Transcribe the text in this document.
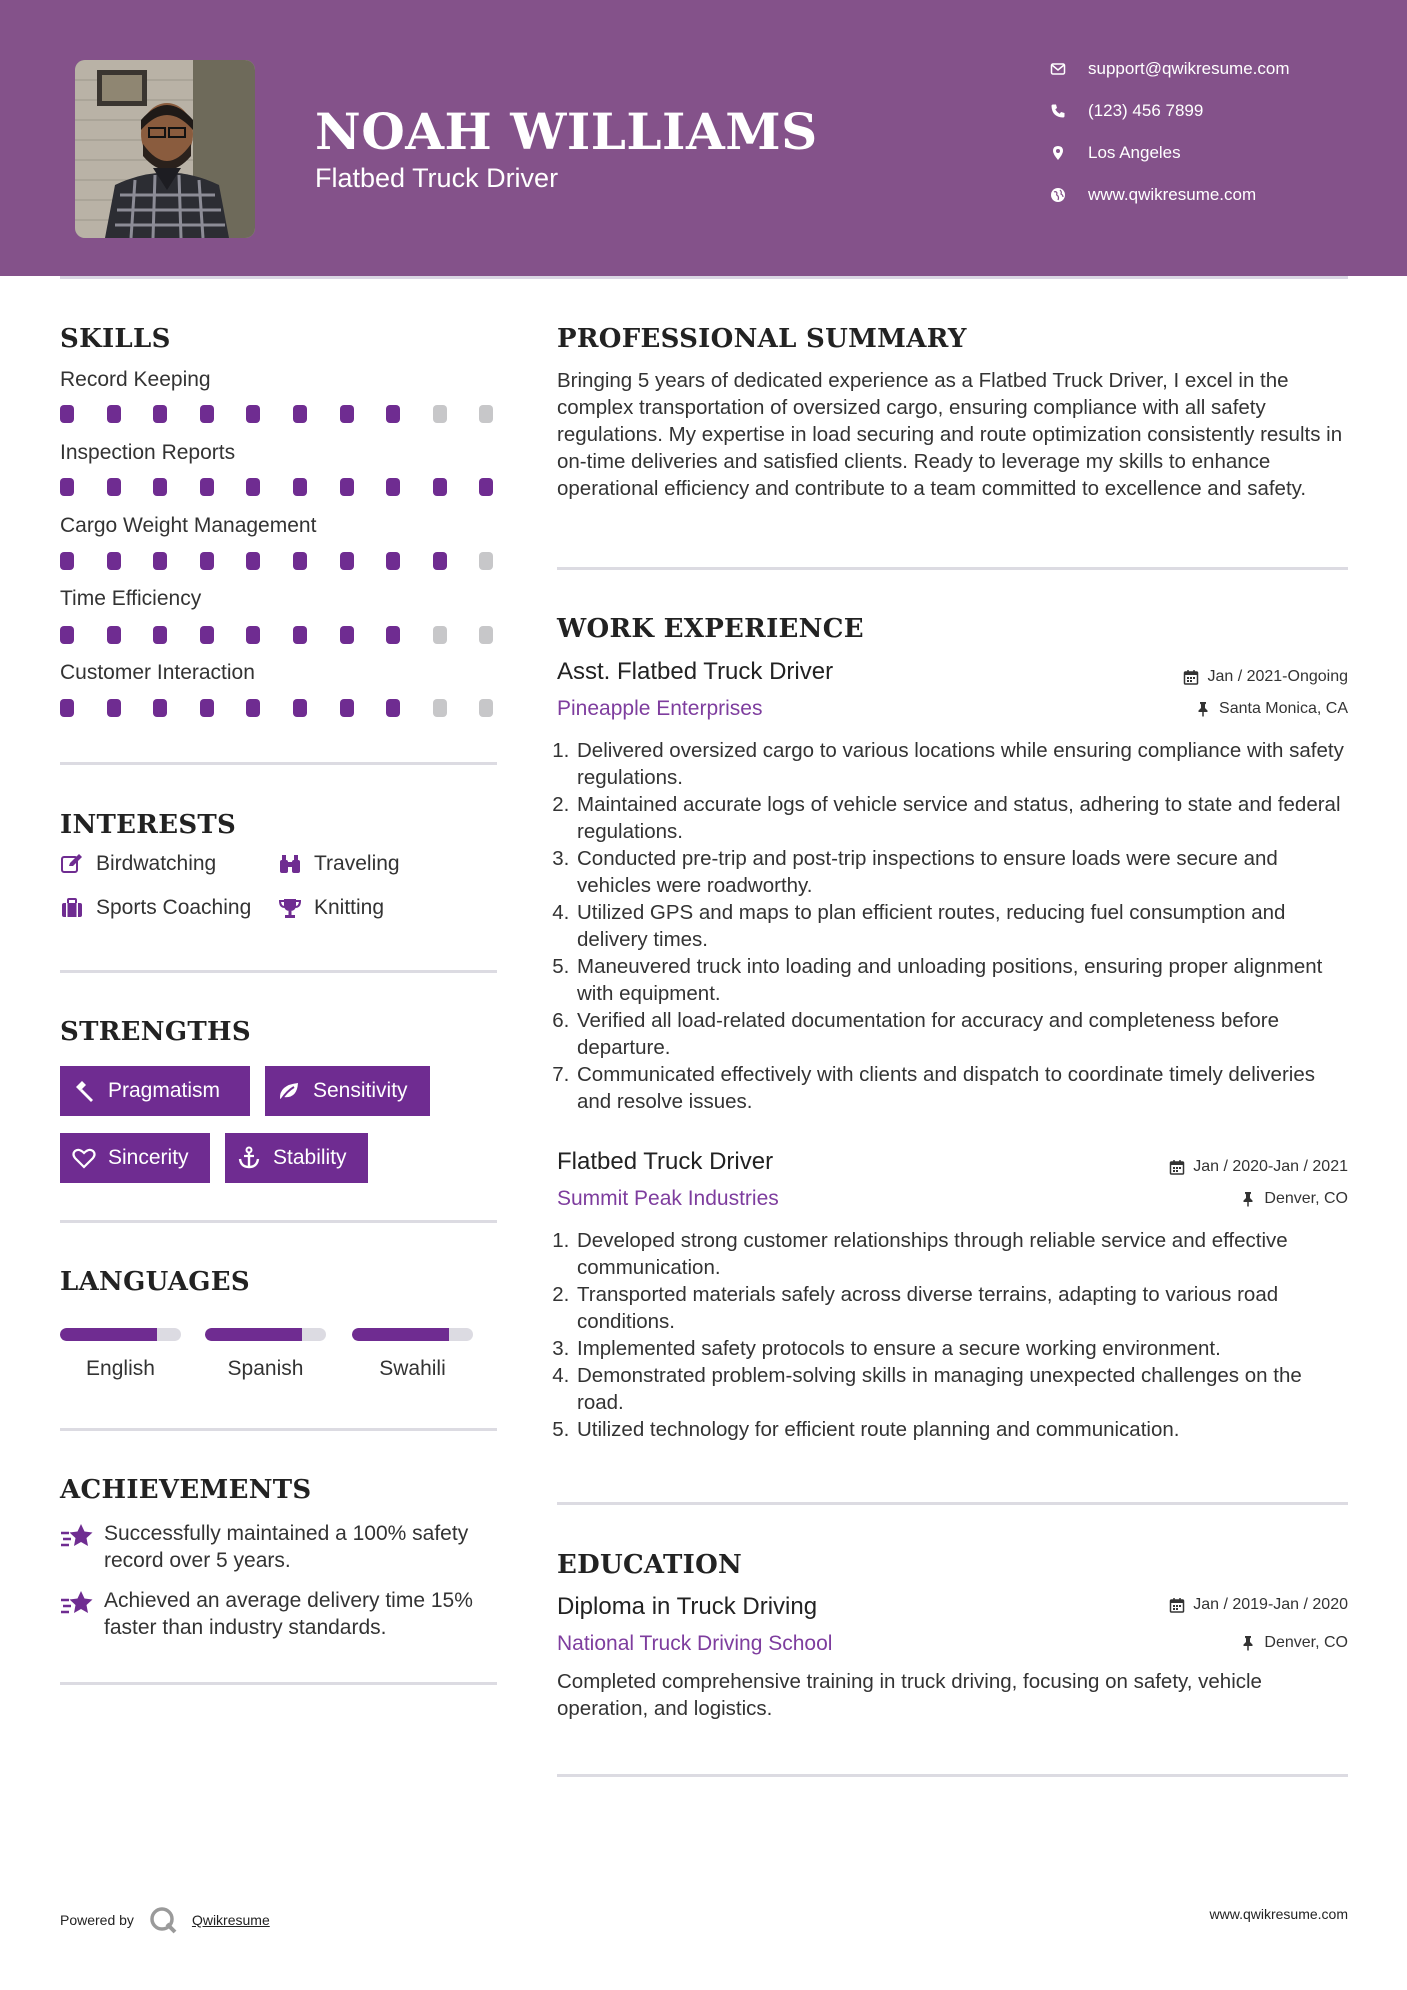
NOAH WILLIAMS
Flatbed Truck Driver
support@qwikresume.com
(123) 456 7899
Los Angeles
www.qwikresume.com
SKILLS
Record Keeping
Inspection Reports
Cargo Weight Management
Time Efficiency
Customer Interaction
INTERESTS
Birdwatching	Traveling
Sports Coaching	Knitting
STRENGTHS
Pragmatism	Sensitivity
Sincerity	Stability
LANGUAGES
English	Spanish	Swahili
ACHIEVEMENTS
Successfully maintained a 100% safety record over 5 years.
Achieved an average delivery time 15% faster than industry standards.
PROFESSIONAL SUMMARY
Bringing 5 years of dedicated experience as a Flatbed Truck Driver, I excel in the complex transportation of oversized cargo, ensuring compliance with all safety regulations. My expertise in load securing and route optimization consistently results in on-time deliveries and satisfied clients. Ready to leverage my skills to enhance operational efficiency and contribute to a team committed to excellence and safety.
WORK EXPERIENCE
Asst. Flatbed Truck Driver	Jan / 2021-Ongoing
Pineapple Enterprises	Santa Monica, CA
1. Delivered oversized cargo to various locations while ensuring compliance with safety regulations.
2. Maintained accurate logs of vehicle service and status, adhering to state and federal regulations.
3. Conducted pre-trip and post-trip inspections to ensure loads were secure and vehicles were roadworthy.
4. Utilized GPS and maps to plan efficient routes, reducing fuel consumption and delivery times.
5. Maneuvered truck into loading and unloading positions, ensuring proper alignment with equipment.
6. Verified all load-related documentation for accuracy and completeness before departure.
7. Communicated effectively with clients and dispatch to coordinate timely deliveries and resolve issues.
Flatbed Truck Driver	Jan / 2020-Jan / 2021
Summit Peak Industries	Denver, CO
1. Developed strong customer relationships through reliable service and effective communication.
2. Transported materials safely across diverse terrains, adapting to various road conditions.
3. Implemented safety protocols to ensure a secure working environment.
4. Demonstrated problem-solving skills in managing unexpected challenges on the road.
5. Utilized technology for efficient route planning and communication.
EDUCATION
Diploma in Truck Driving	Jan / 2019-Jan / 2020
National Truck Driving School	Denver, CO
Completed comprehensive training in truck driving, focusing on safety, vehicle operation, and logistics.
Powered by	Qwikresume	www.qwikresume.com
